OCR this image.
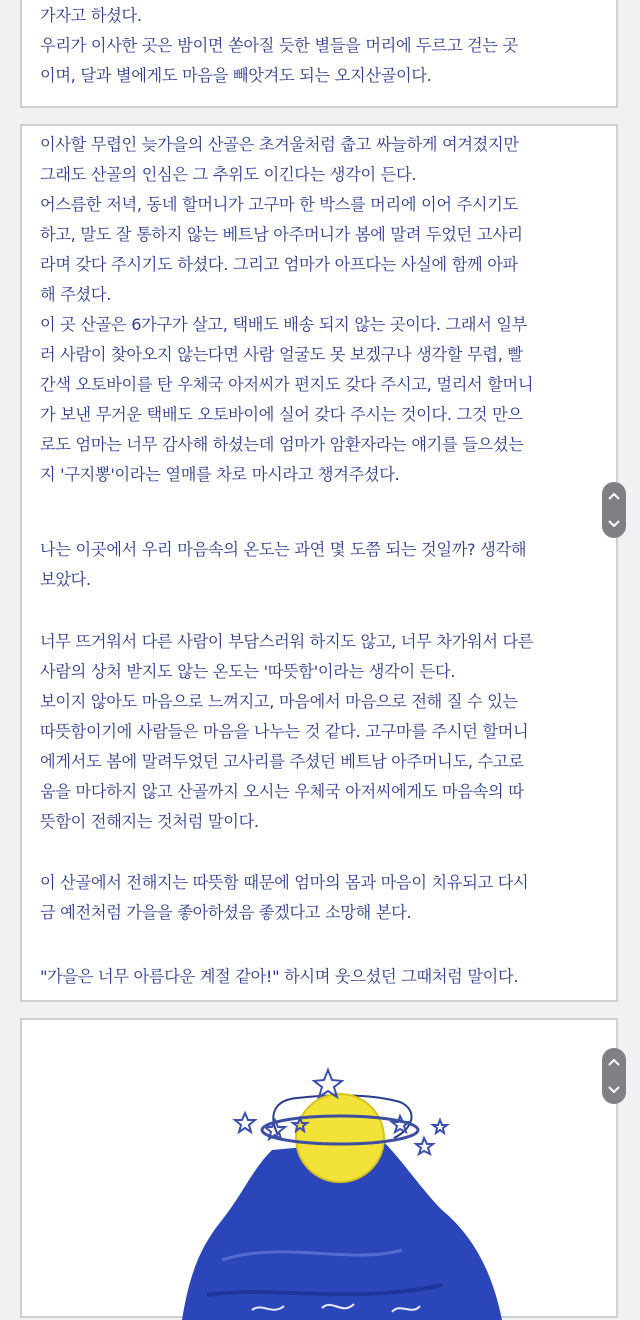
가자고 하셨다.
우리가 이사한 곳은 밤이면 쏟아질 듯한 별들을 머리에 두르고 걷는 곳
이며, 달과 별에게도 마음을 빼앗겨도 되는 오지산골이다.
이사할 무렵인 늦가을의 산골은 초겨울처럼 춥고 싸늘하게 여겨졌지만
그래도 산골의 인심은 그 추위도 이긴다는 생각이 든다.
어스름한 저녁, 동네 할머니가 고구마 한 박스를 머리에 이어 주시기도
하고, 말도 잘 통하지 않는 베트남 아주머니가 봄에 말려 두었던 고사리
라며 갖다 주시기도 하셨다. 그리고 엄마가 아프다는 사실에 함께 아파
해 주셨다.
이 곳 산골은 6가구가 살고, 택배도 배송 되지 않는 곳이다. 그래서 일부
러 사람이 찾아오지 않는다면 사람 얼굴도 못 보겠구나 생각할 무렵, 빨
간색 오토바이를 탄 우체국 아저씨가 편지도 갖다 주시고, 멀리서 할머니
가 보낸 무거운 택배도 오토바이에 실어 갖다 주시는 것이다. 그것 만으
로도 엄마는 너무 감사해 하셨는데 엄마가 암환자라는 얘기를 들으셨는
지 '구지뽕'이라는 열매를 차로 마시라고 챙겨주셨다.
나는 이곳에서 우리 마음속의 온도는 과연 몇 도쯤 되는 것일까? 생각해
보았다.
너무 뜨거워서 다른 사람이 부담스러워 하지도 않고, 너무 차가워서 다른
사람의 상처 받지도 않는 온도는 '따뜻함'이라는 생각이 든다.
보이지 않아도 마음으로 느껴지고, 마음에서 마음으로 전해 질 수 있는
따뜻함이기에 사람들은 마음을 나누는 것 같다. 고구마를 주시던 할머니
에게서도 봄에 말려두었던 고사리를 주셨던 베트남 아주머니도, 수고로
움을 마다하지 않고 산골까지 오시는 우체국 아저씨에게도 마음속의 따
뜻함이 전해지는 것처럼 말이다.
이 산골에서 전해지는 따뜻함 때문에 엄마의 몸과 마음이 치유되고 다시
금 예전처럼 가을을 좋아하셨음 좋겠다고 소망해 본다.
"가을은 너무 아름다운 계절 같아!" 하시며 웃으셨던 그때처럼 말이다.
